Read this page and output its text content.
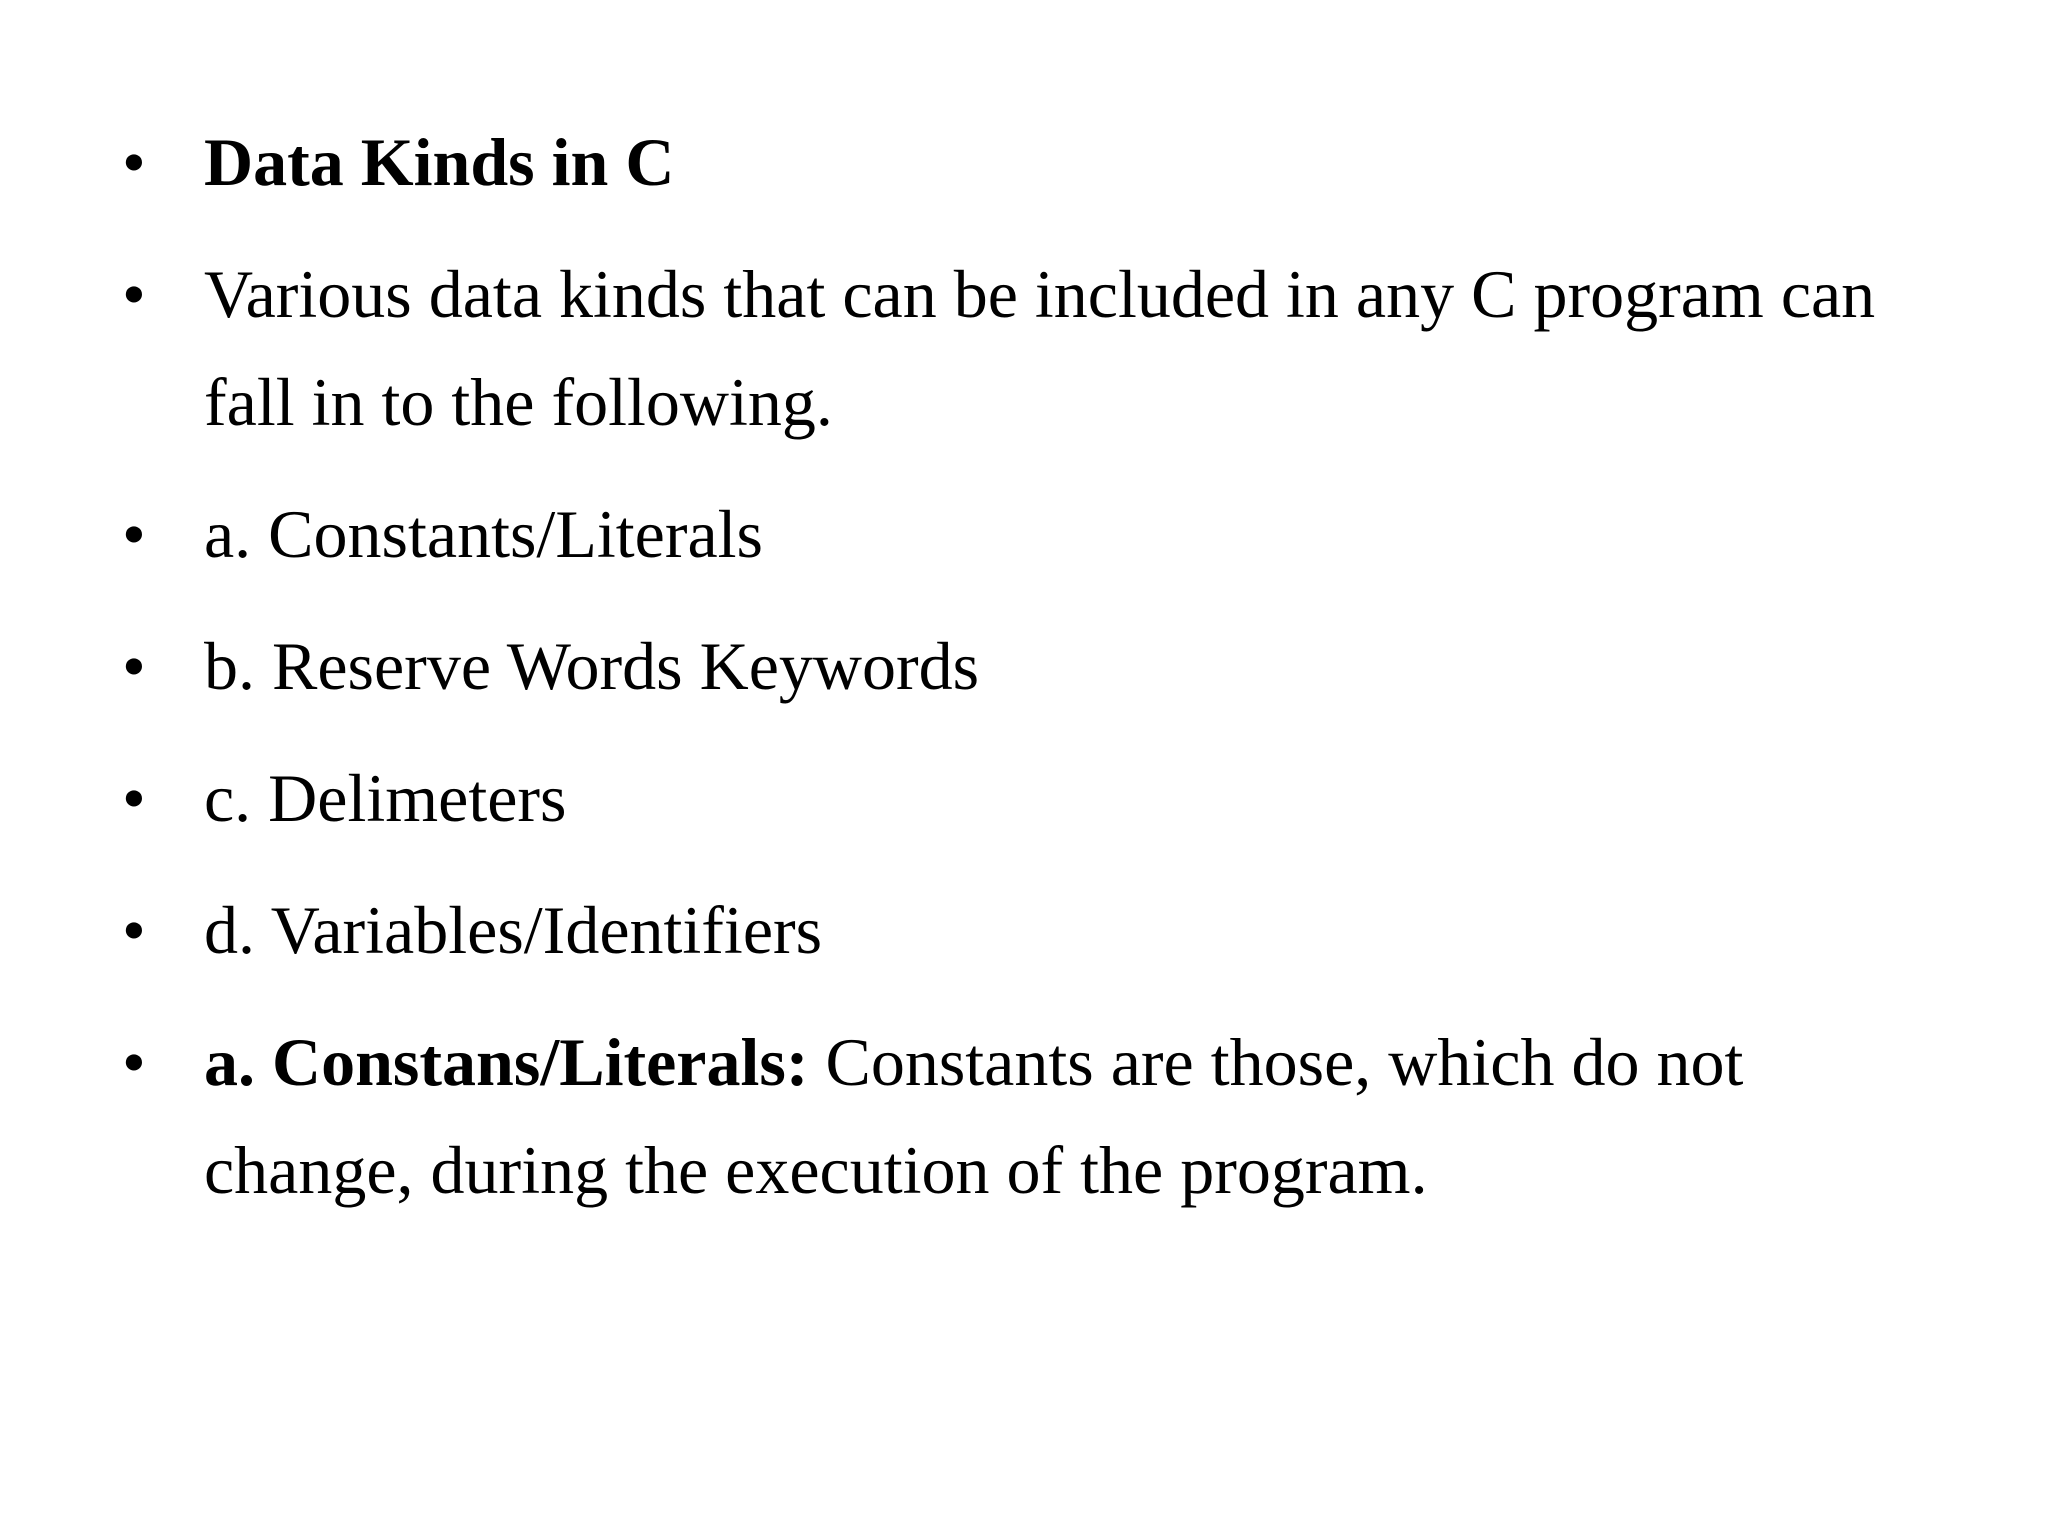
• Data Kinds in C
• Various data kinds that can be included in any C program can fall in to the following.
• a. Constants/Literals
• b. Reserve Words Keywords
• c. Delimeters
• d. Variables/Identifiers
• a. Constans/Literals: Constants are those, which do not change, during the execution of the program.
